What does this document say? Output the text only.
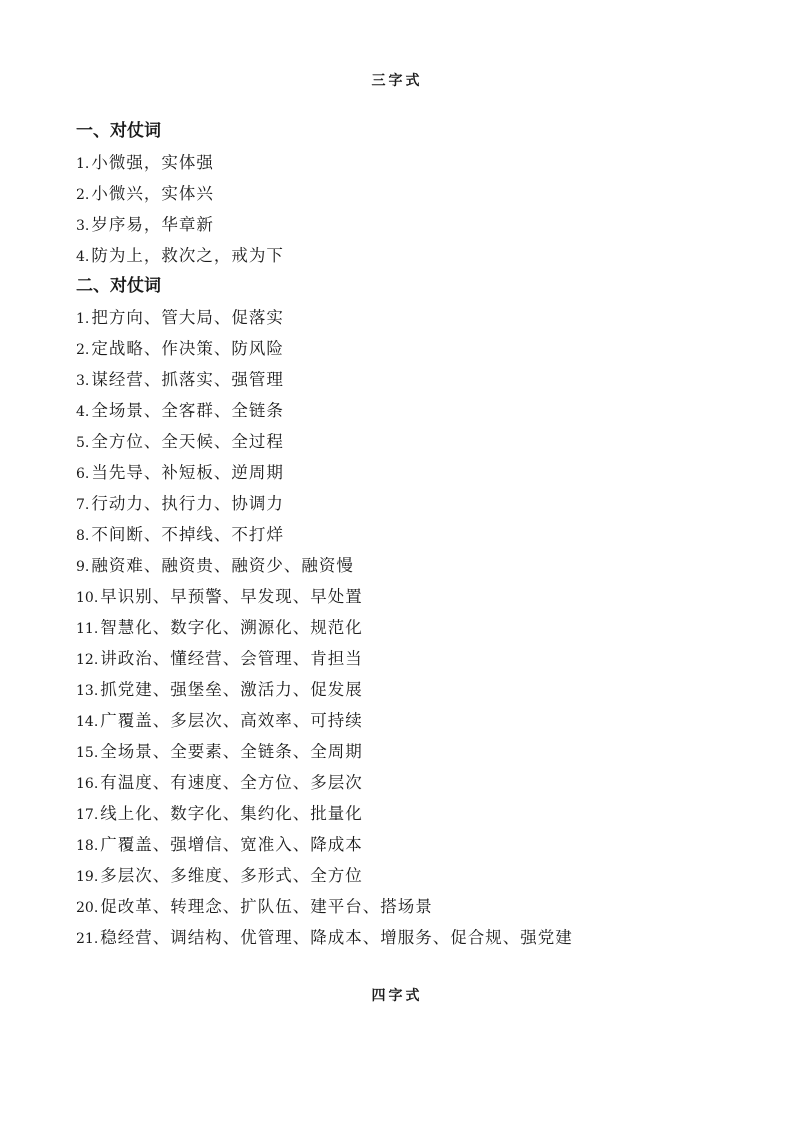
三字式
一、对仗词
1. 小微强，实体强
2. 小微兴，实体兴
3. 岁序易，华章新
4. 防为上，救次之，戒为下
二、对仗词
1. 把方向、管大局、促落实
2. 定战略、作决策、防风险
3. 谋经营、抓落实、强管理
4. 全场景、全客群、全链条
5. 全方位、全天候、全过程
6. 当先导、补短板、逆周期
7. 行动力、执行力、协调力
8. 不间断、不掉线、不打烊
9. 融资难、融资贵、融资少、融资慢
10. 早识别、早预警、早发现、早处置
11. 智慧化、数字化、溯源化、规范化
12. 讲政治、懂经营、会管理、肯担当
13. 抓党建、强堡垒、激活力、促发展
14. 广覆盖、多层次、高效率、可持续
15. 全场景、全要素、全链条、全周期
16. 有温度、有速度、全方位、多层次
17. 线上化、数字化、集约化、批量化
18. 广覆盖、强增信、宽准入、降成本
19. 多层次、多维度、多形式、全方位
20. 促改革、转理念、扩队伍、建平台、搭场景
21. 稳经营、调结构、优管理、降成本、增服务、促合规、强党建
四字式
